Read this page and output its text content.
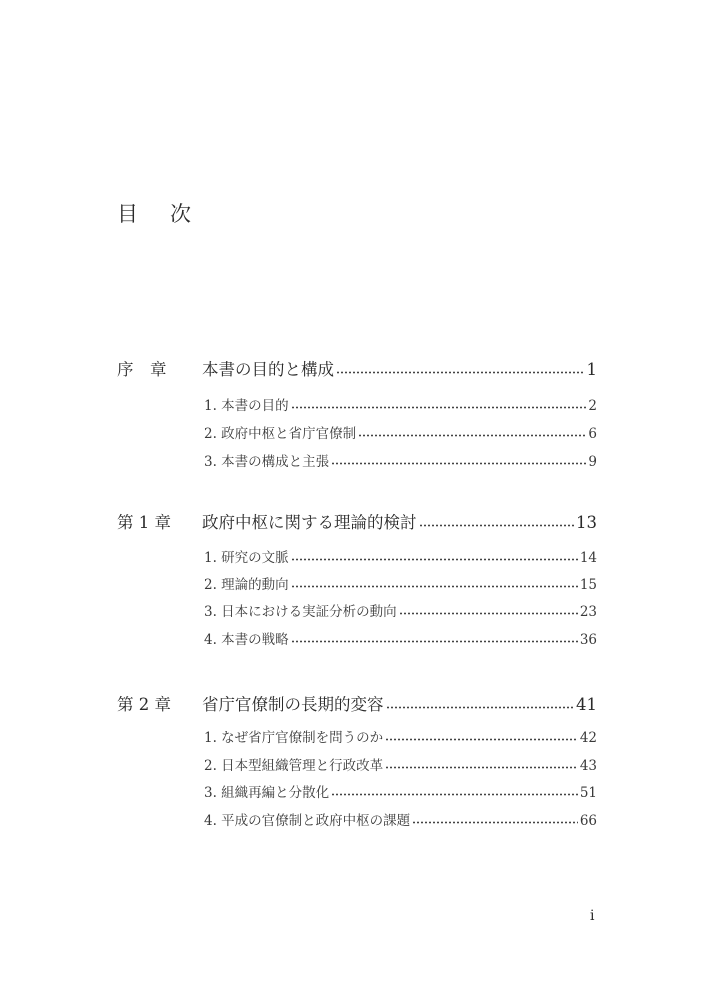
目 次
序　章	本書の目的と構成	1
1. 本書の目的	2
2. 政府中枢と省庁官僚制	6
3. 本書の構成と主張	9
第 1 章	政府中枢に関する理論的検討	13
1. 研究の文脈	14
2. 理論的動向	15
3. 日本における実証分析の動向	23
4. 本書の戦略	36
第 2 章	省庁官僚制の長期的変容	41
1. なぜ省庁官僚制を問うのか	42
2. 日本型組織管理と行政改革	43
3. 組織再編と分散化	51
4. 平成の官僚制と政府中枢の課題	66
i
